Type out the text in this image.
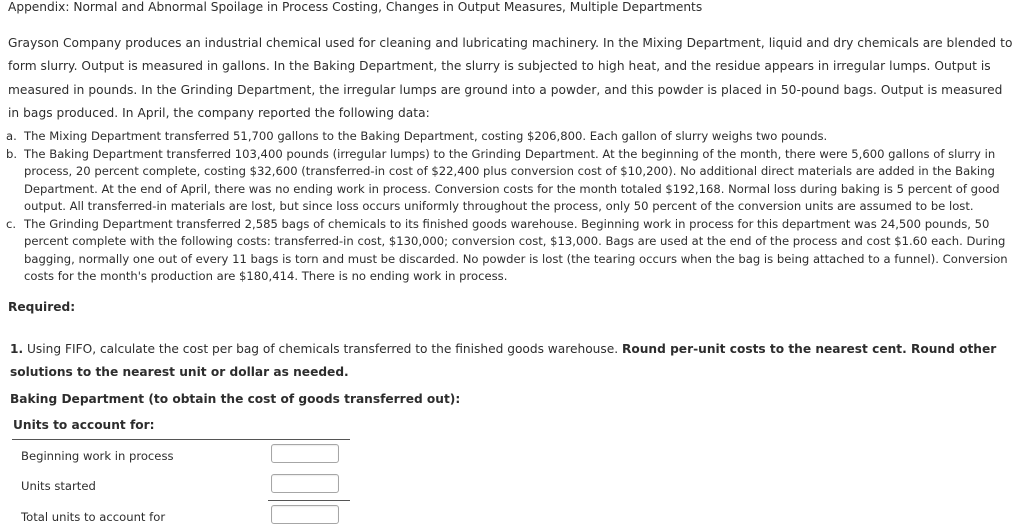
Appendix: Normal and Abnormal Spoilage in Process Costing, Changes in Output Measures, Multiple Departments
Grayson Company produces an industrial chemical used for cleaning and lubricating machinery. In the Mixing Department, liquid and dry chemicals are blended to form slurry. Output is measured in gallons. In the Baking Department, the slurry is subjected to high heat, and the residue appears in irregular lumps. Output is measured in pounds. In the Grinding Department, the irregular lumps are ground into a powder, and this powder is placed in 50-pound bags. Output is measured in bags produced. In April, the company reported the following data:
a. The Mixing Department transferred 51,700 gallons to the Baking Department, costing $206,800. Each gallon of slurry weighs two pounds.
b. The Baking Department transferred 103,400 pounds (irregular lumps) to the Grinding Department. At the beginning of the month, there were 5,600 gallons of slurry in process, 20 percent complete, costing $32,600 (transferred-in cost of $22,400 plus conversion cost of $10,200). No additional direct materials are added in the Baking Department. At the end of April, there was no ending work in process. Conversion costs for the month totaled $192,168. Normal loss during baking is 5 percent of good output. All transferred-in materials are lost, but since loss occurs uniformly throughout the process, only 50 percent of the conversion units are assumed to be lost.
c. The Grinding Department transferred 2,585 bags of chemicals to its finished goods warehouse. Beginning work in process for this department was 24,500 pounds, 50 percent complete with the following costs: transferred-in cost, $130,000; conversion cost, $13,000. Bags are used at the end of the process and cost $1.60 each. During bagging, normally one out of every 11 bags is torn and must be discarded. No powder is lost (the tearing occurs when the bag is being attached to a funnel). Conversion costs for the month's production are $180,414. There is no ending work in process.
Required:
1. Using FIFO, calculate the cost per bag of chemicals transferred to the finished goods warehouse. Round per-unit costs to the nearest cent. Round other solutions to the nearest unit or dollar as needed.
Baking Department (to obtain the cost of goods transferred out):
Units to account for:
Beginning work in process
Units started
Total units to account for
